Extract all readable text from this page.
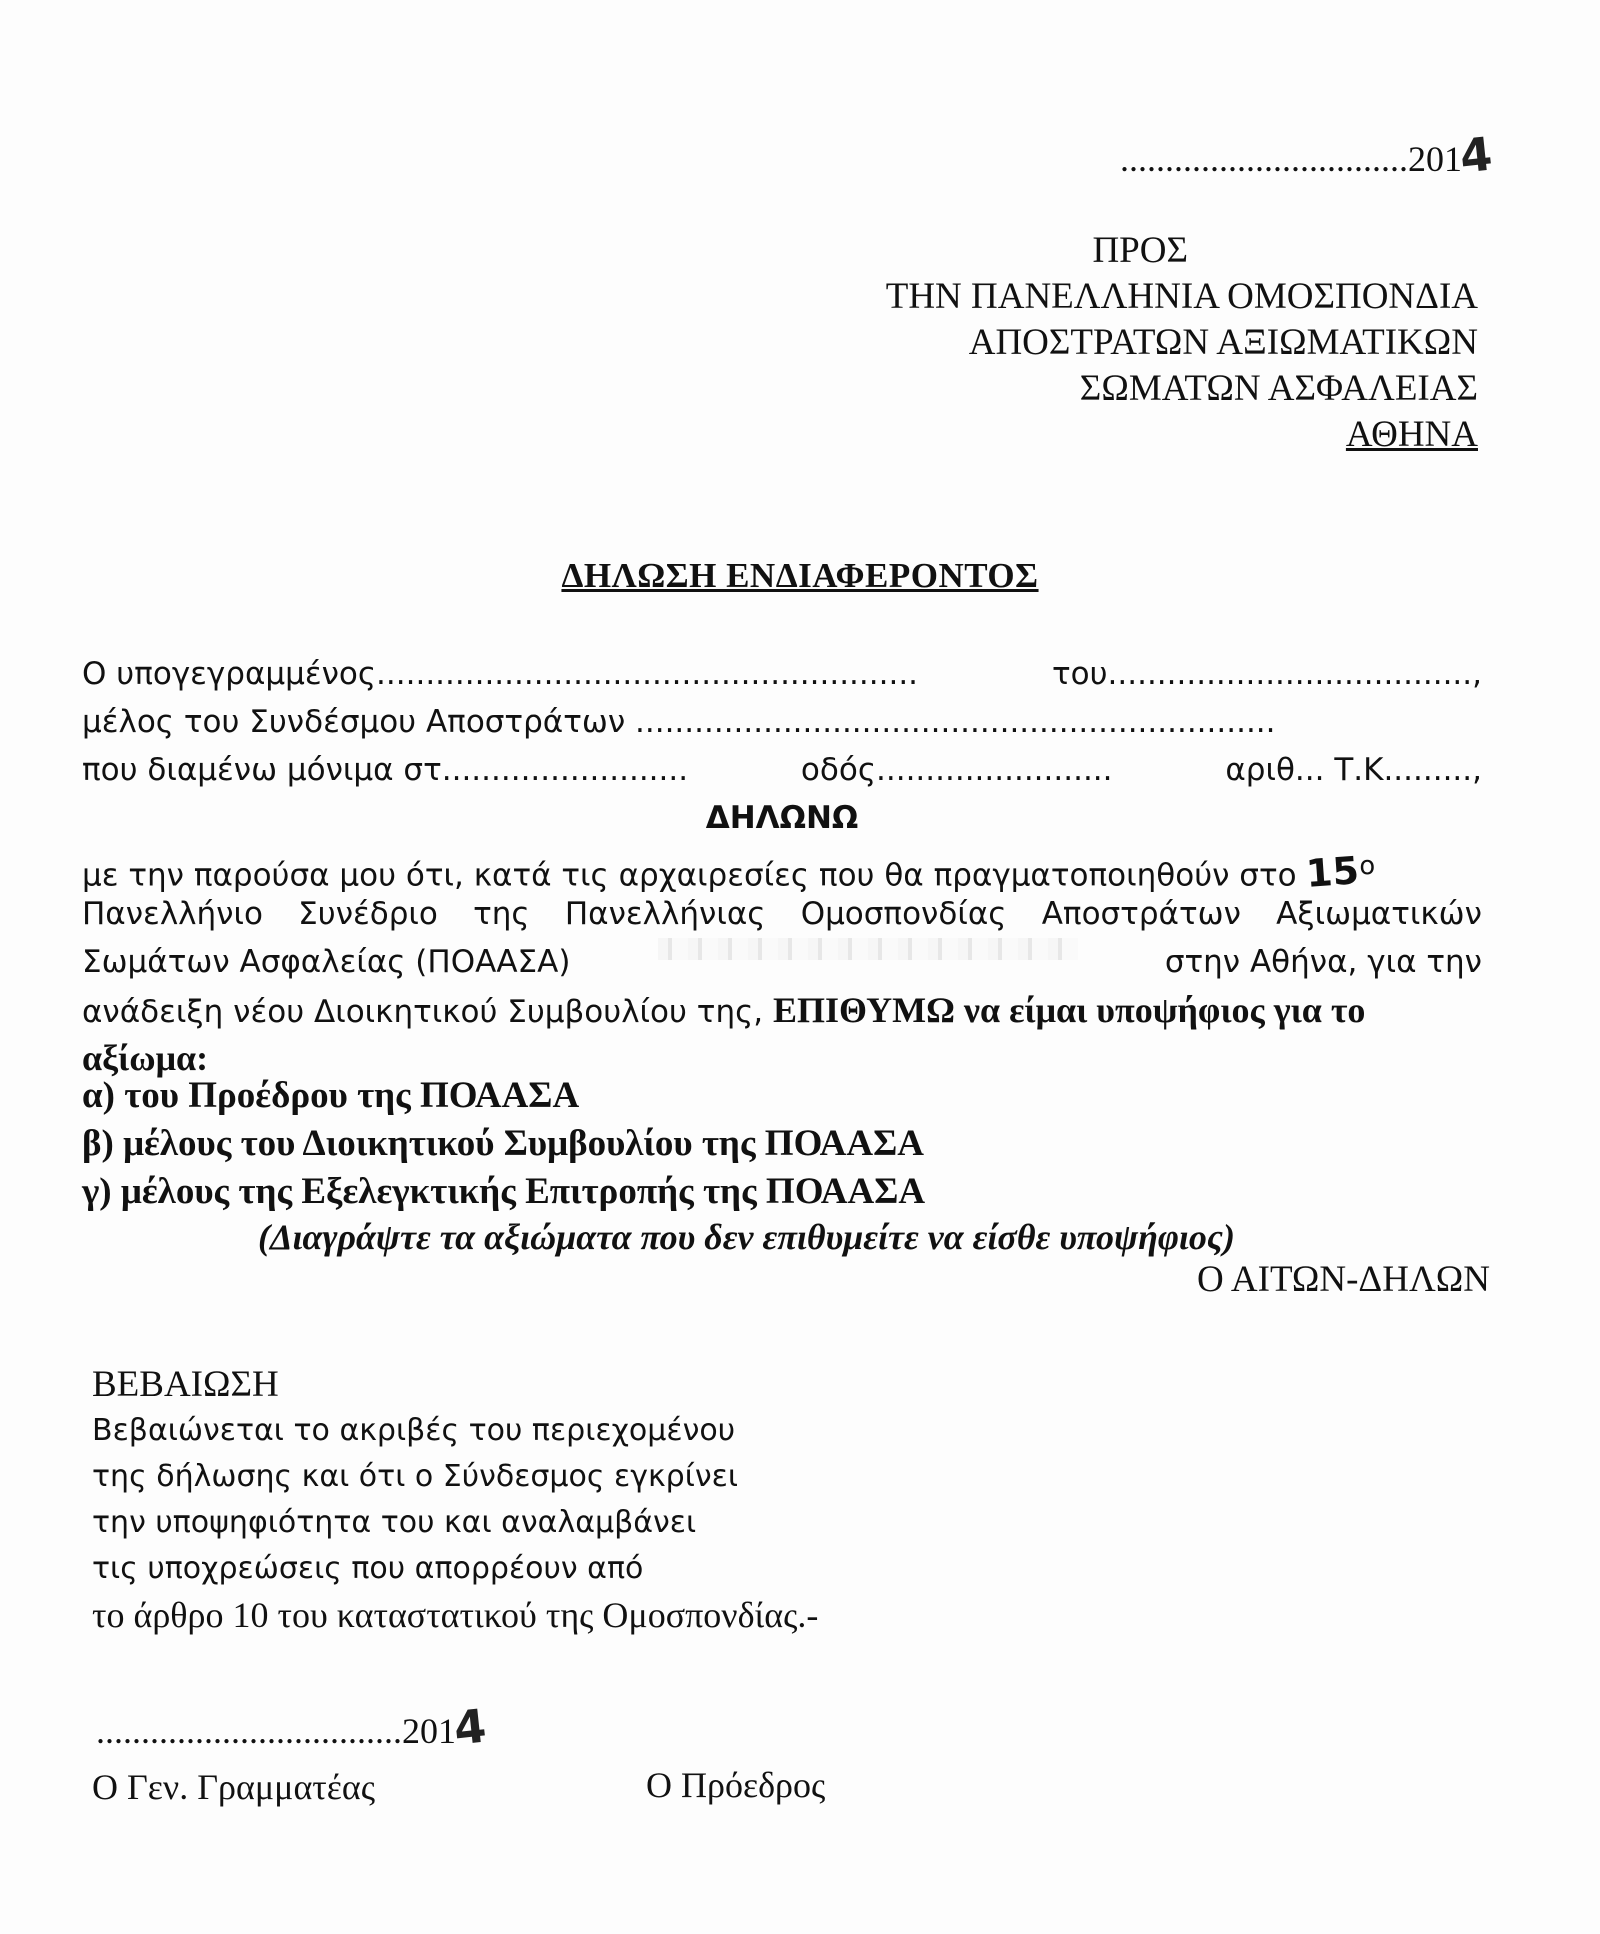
................................2014
ΠΡΟΣ
ΤΗΝ ΠΑΝΕΛΛΗΝΙΑ ΟΜΟΣΠΟΝΔΙΑ
ΑΠΟΣΤΡΑΤΩΝ ΑΞΙΩΜΑΤΙΚΩΝ
ΣΩΜΑΤΩΝ ΑΣΦΑΛΕΙΑΣ
ΑΘΗΝΑ
ΔΗΛΩΣΗ ΕΝΔΙΑΦΕΡΟΝΤΟΣ
Ο υπογεγραμμένος.......................................................	του.....................................,
μέλος του Συνδέσμου Αποστράτων .................................................................
που διαμένω μόνιμα στ.........................	οδός........................	αριθ... Τ.Κ.........,
ΔΗΛΩΝΩ
με την παρούσα μου ότι, κατά τις αρχαιρεσίες που θα πραγματοποιηθούν στο $15^o$
Πανελλήνιο Συνέδριο της Πανελλήνιας Ομοσπονδίας Αποστράτων Αξιωματικών
Σωμάτων Ασφαλείας (ΠΟΑΑΣΑ)	στην Αθήνα, για την
ανάδειξη νέου Διοικητικού Συμβουλίου της, ΕΠΙΘΥΜΩ να είμαι υποψήφιος για το
αξίωμα:
α) του Προέδρου της ΠΟΑΑΣΑ
β) μέλους του Διοικητικού Συμβουλίου της ΠΟΑΑΣΑ
γ) μέλους της Εξελεγκτικής Επιτροπής της ΠΟΑΑΣΑ
(Διαγράψτε τα αξιώματα που δεν επιθυμείτε να είσθε υποψήφιος)
Ο ΑΙΤΩΝ-ΔΗΛΩΝ
ΒΕΒΑΙΩΣΗ
Βεβαιώνεται το ακριβές του περιεχομένου
της δήλωσης και ότι ο Σύνδεσμος εγκρίνει
την υποψηφιότητα του και αναλαμβάνει
τις υποχρεώσεις που απορρέουν από
το άρθρο 10 του καταστατικού της Ομοσπονδίας.-
..................................2014
Ο Γεν. Γραμματέας	Ο Πρόεδρος
